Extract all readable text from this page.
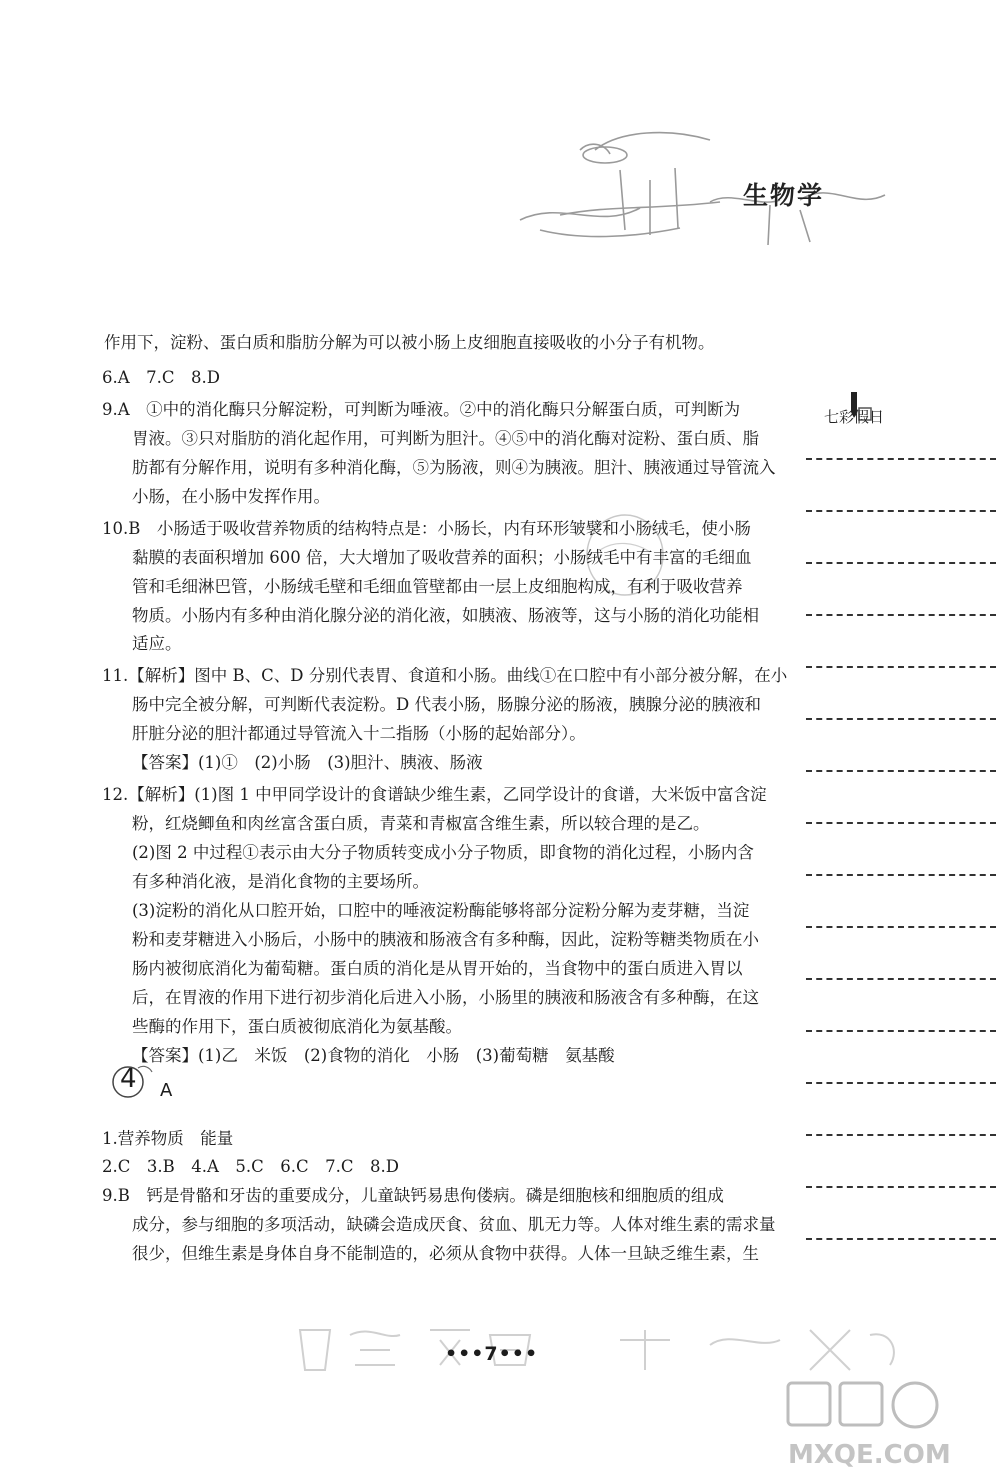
生物学
七彩假日
作用下，淀粉、蛋白质和脂肪分解为可以被小肠上皮细胞直接吸收的小分子有机物。
6.A　7.C　8.D
9.A　①中的消化酶只分解淀粉，可判断为唾液。②中的消化酶只分解蛋白质，可判断为
胃液。③只对脂肪的消化起作用，可判断为胆汁。④⑤中的消化酶对淀粉、蛋白质、脂
肪都有分解作用，说明有多种消化酶，⑤为肠液，则④为胰液。胆汁、胰液通过导管流入
小肠，在小肠中发挥作用。
10.B　小肠适于吸收营养物质的结构特点是：小肠长，内有环形皱襞和小肠绒毛，使小肠
黏膜的表面积增加 600 倍，大大增加了吸收营养的面积；小肠绒毛中有丰富的毛细血
管和毛细淋巴管，小肠绒毛壁和毛细血管壁都由一层上皮细胞构成，有利于吸收营养
物质。小肠内有多种由消化腺分泌的消化液，如胰液、肠液等，这与小肠的消化功能相
适应。
11.【解析】图中 B、C、D 分别代表胃、食道和小肠。曲线①在口腔中有小部分被分解，在小
肠中完全被分解，可判断代表淀粉。D 代表小肠，肠腺分泌的肠液，胰腺分泌的胰液和
肝脏分泌的胆汁都通过导管流入十二指肠（小肠的起始部分）。
【答案】(1)①　(2)小肠　(3)胆汁、胰液、肠液
12.【解析】(1)图 1 中甲同学设计的食谱缺少维生素，乙同学设计的食谱，大米饭中富含淀
粉，红烧鲫鱼和肉丝富含蛋白质，青菜和青椒富含维生素，所以较合理的是乙。
(2)图 2 中过程①表示由大分子物质转变成小分子物质，即食物的消化过程，小肠内含
有多种消化液，是消化食物的主要场所。
(3)淀粉的消化从口腔开始，口腔中的唾液淀粉酶能够将部分淀粉分解为麦芽糖，当淀
粉和麦芽糖进入小肠后，小肠中的胰液和肠液含有多种酶，因此，淀粉等糖类物质在小
肠内被彻底消化为葡萄糖。蛋白质的消化是从胃开始的，当食物中的蛋白质进入胃以
后，在胃液的作用下进行初步消化后进入小肠，小肠里的胰液和肠液含有多种酶，在这
些酶的作用下，蛋白质被彻底消化为氨基酸。
【答案】(1)乙　米饭　(2)食物的消化　小肠　(3)葡萄糖　氨基酸
1.营养物质　能量
2.C　3.B　4.A　5.C　6.C　7.C　8.D
9.B　钙是骨骼和牙齿的重要成分，儿童缺钙易患佝偻病。磷是细胞核和细胞质的组成
成分，参与细胞的多项活动，缺磷会造成厌食、贫血、肌无力等。人体对维生素的需求量
很少，但维生素是身体自身不能制造的，必须从食物中获得。人体一旦缺乏维生素，生
4 A
•••7•••
MXQE.COM
